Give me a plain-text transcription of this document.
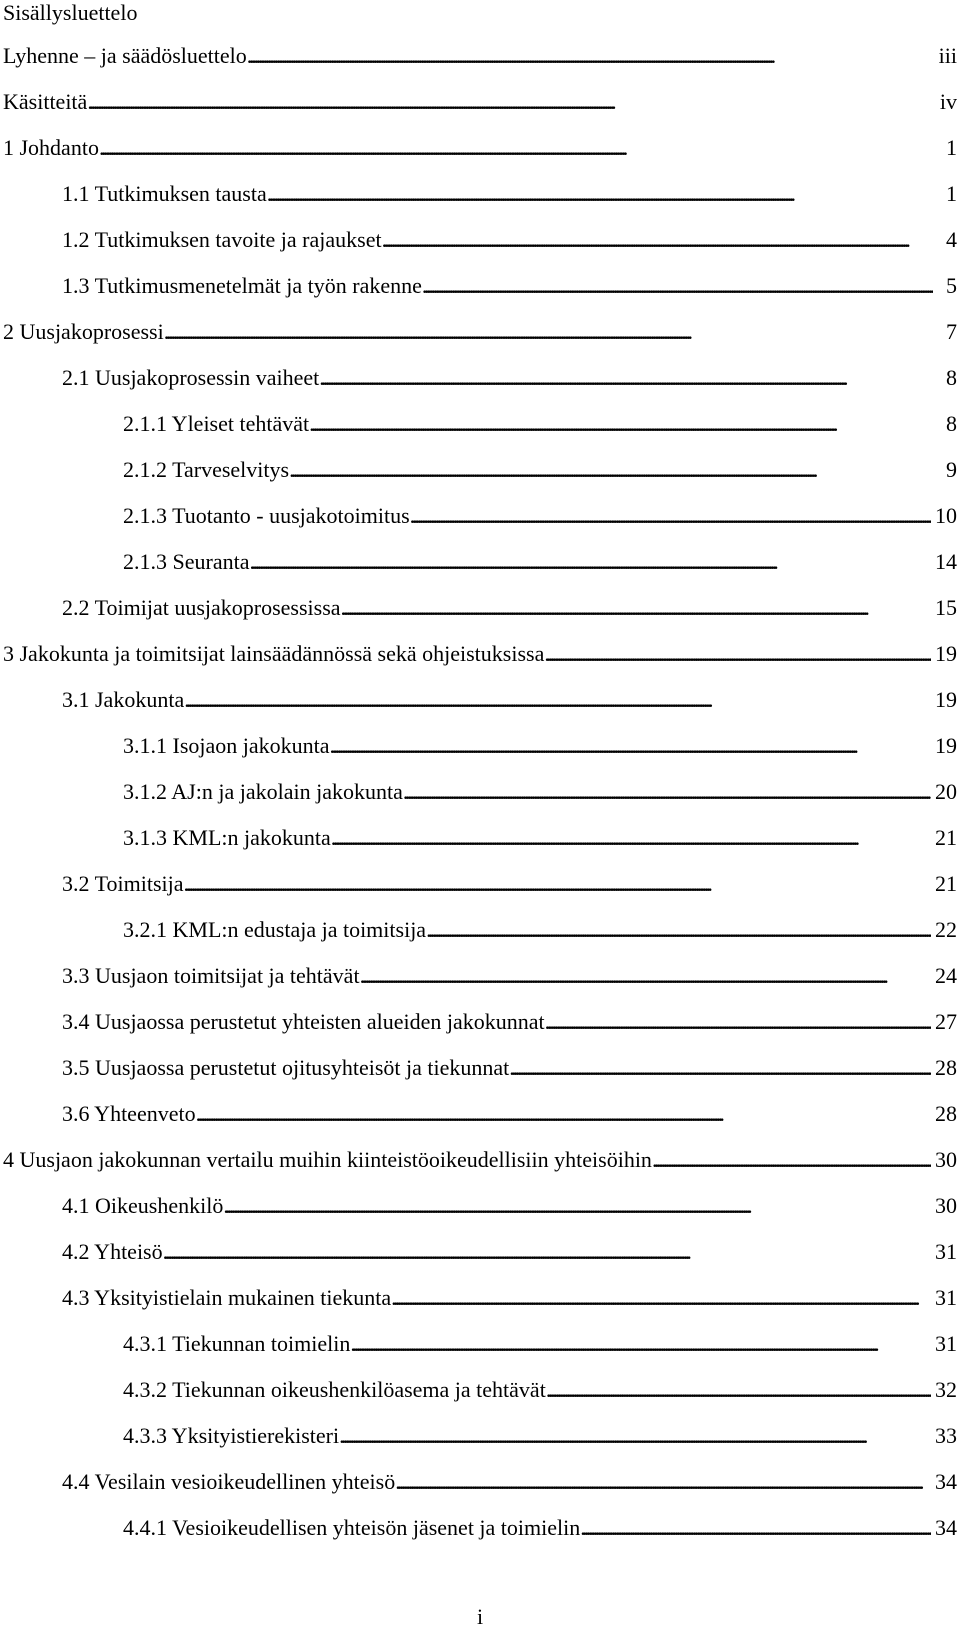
Sisällysluettelo
Lyhenne – ja säädösluettelo . . .	iii
Käsitteitä . . .	iv
1 Johdanto . . .	1
1.1 Tutkimuksen tausta . . .	1
1.2 Tutkimuksen tavoite ja rajaukset . . .	4
1.3 Tutkimusmenetelmät ja työn rakenne . . .	5
2 Uusjakoprosessi . . .	7
2.1 Uusjakoprosessin vaiheet . . .	8
2.1.1 Yleiset tehtävät . . .	8
2.1.2 Tarveselvitys . . .	9
2.1.3 Tuotanto - uusjakotoimitus . . .	10
2.1.3 Seuranta . . .	14
2.2 Toimijat uusjakoprosessissa . . .	15
3 Jakokunta ja toimitsijat lainsäädännössä sekä ohjeistuksissa . . .	19
3.1 Jakokunta . . .	19
3.1.1 Isojaon jakokunta . . .	19
3.1.2 AJ:n ja jakolain jakokunta . . .	20
3.1.3 KML:n jakokunta . . .	21
3.2 Toimitsija . . .	21
3.2.1 KML:n edustaja ja toimitsija . . .	22
3.3 Uusjaon toimitsijat ja tehtävät . . .	24
3.4 Uusjaossa perustetut yhteisten alueiden jakokunnat . . .	27
3.5 Uusjaossa perustetut ojitusyhteisöt ja tiekunnat . . .	28
3.6 Yhteenveto . . .	28
4 Uusjaon jakokunnan vertailu muihin kiinteistöoikeudellisiin yhteisöihin . . .	30
4.1 Oikeushenkilö . . .	30
4.2 Yhteisö . . .	31
4.3 Yksityistielain mukainen tiekunta . . .	31
4.3.1 Tiekunnan toimielin . . .	31
4.3.2 Tiekunnan oikeushenkilöasema ja tehtävät . . .	32
4.3.3 Yksityistierekisteri . . .	33
4.4 Vesilain vesioikeudellinen yhteisö . . .	34
4.4.1 Vesioikeudellisen yhteisön jäsenet ja toimielin . . .	34
i
